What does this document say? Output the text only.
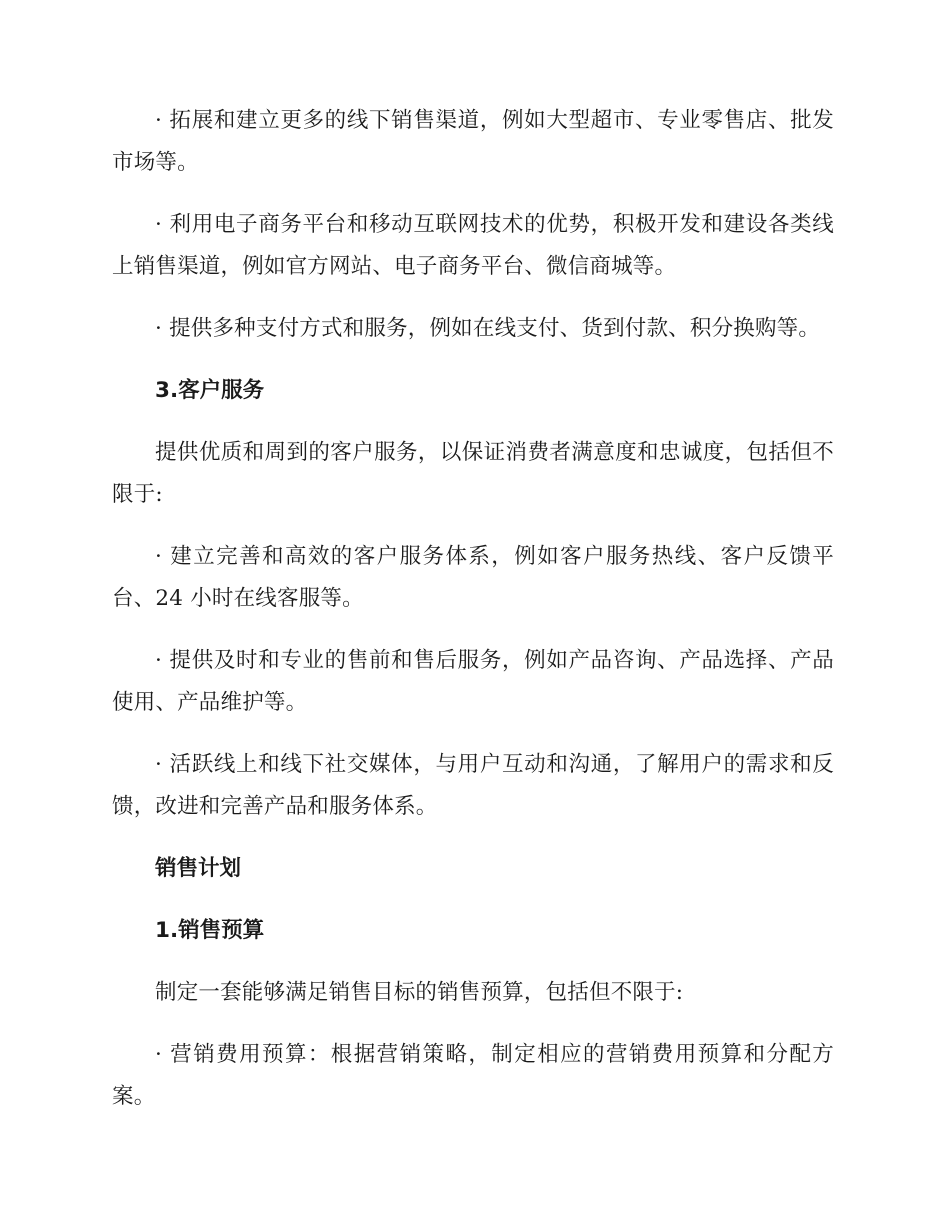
· 拓展和建立更多的线下销售渠道，例如大型超市、专业零售店、批发市场等。

· 利用电子商务平台和移动互联网技术的优势，积极开发和建设各类线上销售渠道，例如官方网站、电子商务平台、微信商城等。

· 提供多种支付方式和服务，例如在线支付、货到付款、积分换购等。

3.客户服务

提供优质和周到的客户服务，以保证消费者满意度和忠诚度，包括但不限于:

· 建立完善和高效的客户服务体系，例如客户服务热线、客户反馈平台、24 小时在线客服等。

· 提供及时和专业的售前和售后服务，例如产品咨询、产品选择、产品使用、产品维护等。

· 活跃线上和线下社交媒体，与用户互动和沟通，了解用户的需求和反馈，改进和完善产品和服务体系。

销售计划

1.销售预算

制定一套能够满足销售目标的销售预算，包括但不限于:

· 营销费用预算：根据营销策略，制定相应的营销费用预算和分配方案。
